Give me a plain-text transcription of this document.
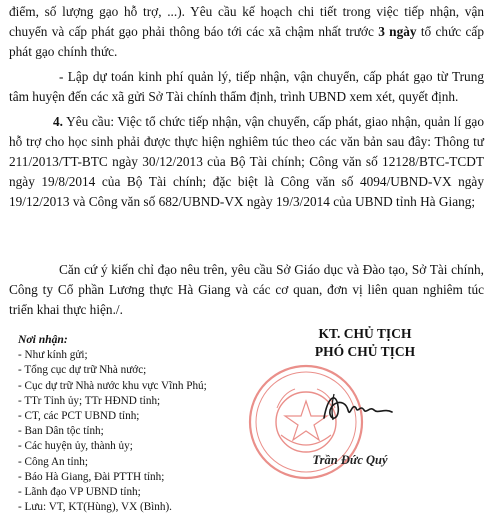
điểm, số lượng gạo hỗ trợ, ...). Yêu cầu kế hoạch chi tiết trong việc tiếp nhận, vận chuyển và cấp phát gạo phải thông báo tới các xã chậm nhất trước 3 ngày tổ chức cấp phát gạo chính thức.
- Lập dự toán kinh phí quản lý, tiếp nhận, vận chuyển, cấp phát gạo từ Trung tâm huyện đến các xã gửi Sở Tài chính thẩm định, trình UBND xem xét, quyết định.
4. Yêu cầu: Việc tổ chức tiếp nhận, vận chuyển, cấp phát, giao nhận, quản lí gạo hỗ trợ cho học sinh phải được thực hiện nghiêm túc theo các văn bản sau đây: Thông tư 211/2013/TT-BTC ngày 30/12/2013 của Bộ Tài chính; Công văn số 12128/BTC-TCDT ngày 19/8/2014 của Bộ Tài chính; đặc biệt là Công văn số 4094/UBND-VX ngày 19/12/2013 và Công văn số 682/UBND-VX ngày 19/3/2014 của UBND tỉnh Hà Giang;
Căn cứ ý kiến chỉ đạo nêu trên, yêu cầu Sở Giáo dục và Đào tạo, Sở Tài chính, Công ty Cổ phần Lương thực Hà Giang và các cơ quan, đơn vị liên quan nghiêm túc triển khai thực hiện./.
Nơi nhận:
- Như kính gửi;
- Tổng cục dự trữ Nhà nước;
- Cục dự trữ Nhà nước khu vực Vĩnh Phú;
- TTr Tỉnh ủy; TTr HĐND tỉnh;
- CT, các PCT UBND tỉnh;
- Ban Dân tộc tỉnh;
- Các huyện ủy, thành ủy;
- Công An tỉnh;
- Báo Hà Giang, Đài PTTH tỉnh;
- Lãnh đạo VP UBND tỉnh;
- Lưu: VT, KT(Hùng), VX (Bình).
KT. CHỦ TỊCH
PHÓ CHỦ TỊCH
Trần Đức Quý
